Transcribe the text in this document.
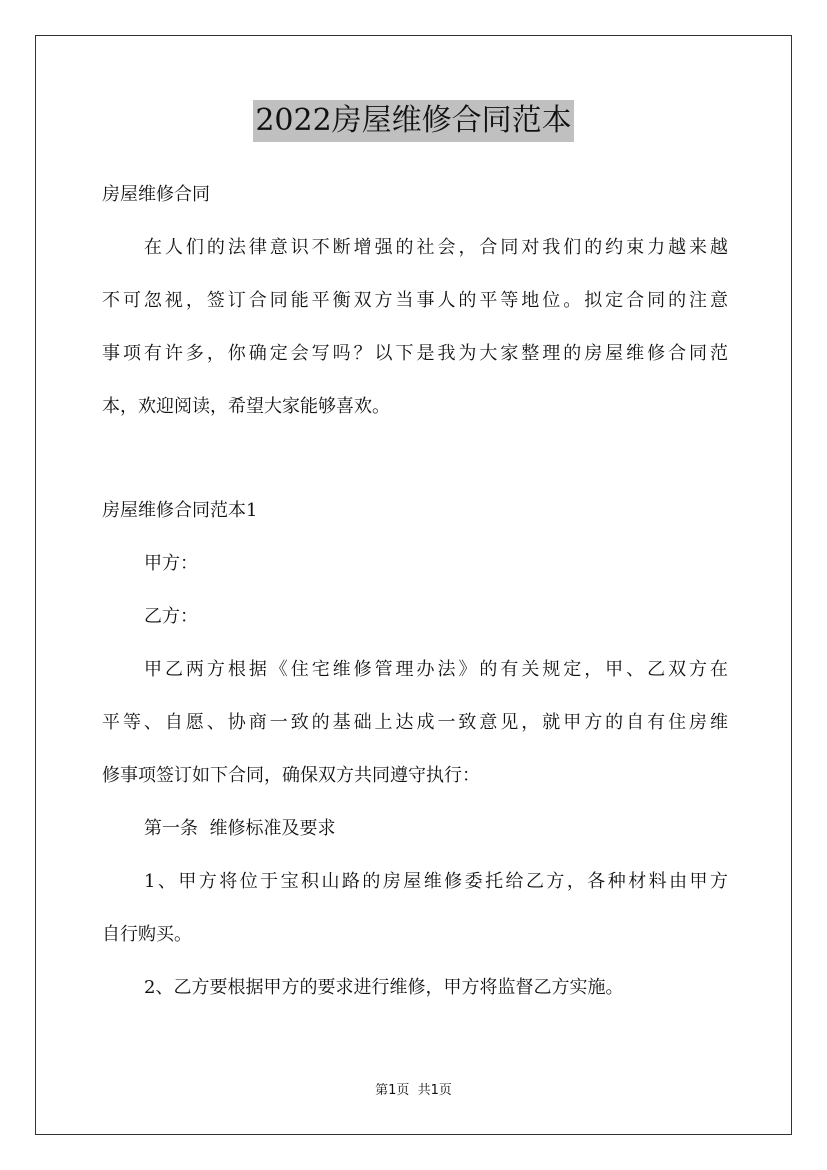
2022房屋维修合同范本
房屋维修合同
在人们的法律意识不断增强的社会，合同对我们的约束力越来越
不可忽视，签订合同能平衡双方当事人的平等地位。拟定合同的注意
事项有许多，你确定会写吗？以下是我为大家整理的房屋维修合同范
本，欢迎阅读，希望大家能够喜欢。
房屋维修合同范本1
甲方：
乙方：
甲乙两方根据《住宅维修管理办法》的有关规定，甲、乙双方在
平等、自愿、协商一致的基础上达成一致意见，就甲方的自有住房维
修事项签订如下合同，确保双方共同遵守执行：
第一条  维修标准及要求
1、甲方将位于宝积山路的房屋维修委托给乙方，各种材料由甲方
自行购买。
2、乙方要根据甲方的要求进行维修，甲方将监督乙方实施。
第1页  共1页
